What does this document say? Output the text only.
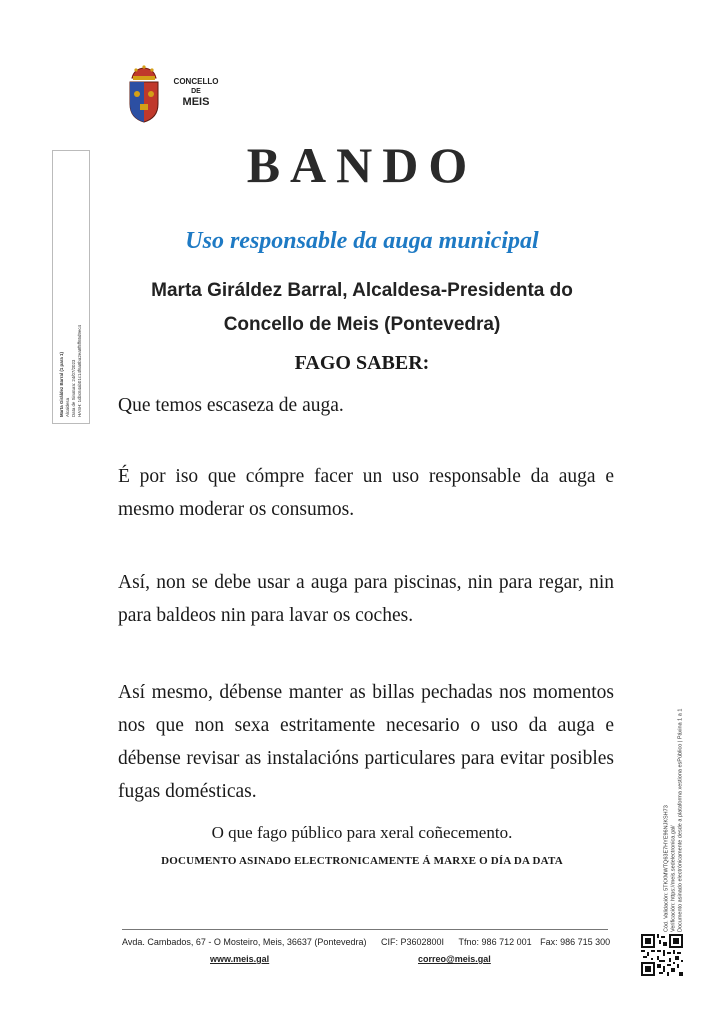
CONCELLO
DE
MEIS
Marta Giráldez Barral (1 para 1) Alcaldesa Data de Sinatura: 24/07/2023 HASH: 1dbc64ab01c14f6a8ba2ea8f5ff65d9ec4
BANDO
Uso responsable da auga municipal
Marta Giráldez Barral, Alcaldesa-Presidenta do
Concello de Meis (Pontevedra)
FAGO SABER:
Que temos escaseza de auga.
É por iso que cómpre facer un uso responsable da auga e mesmo moderar os consumos.
Así, non se debe usar a auga para piscinas, nin para regar, nin para baldeos nin para lavar os coches.
Así mesmo, débense manter as billas pechadas nos momentos nos que non sexa estritamente necesario o uso da auga e débense revisar as instalacións particulares para evitar posibles fugas domésticas.
O que fago público para xeral coñecemento.
DOCUMENTO ASINADO ELECTRONICAMENTE Á MARXE O DÍA DA DATA
Avda. Cambados, 67 - O Mosteiro, Meis, 36637 (Pontevedra) CIF: P3602800I Tfno: 986 712 001 Fax: 986 715 300
www.meis.gal	correo@meis.gal
Cód. Validación: 5TKXMWTQ63E7HYE96NJKSH73 Verificación: https://meis.sedelectronica.gal/ Documento asinado electrónicamente desde a plataforma xestiona esPúblico | Páxina 1 a 1
